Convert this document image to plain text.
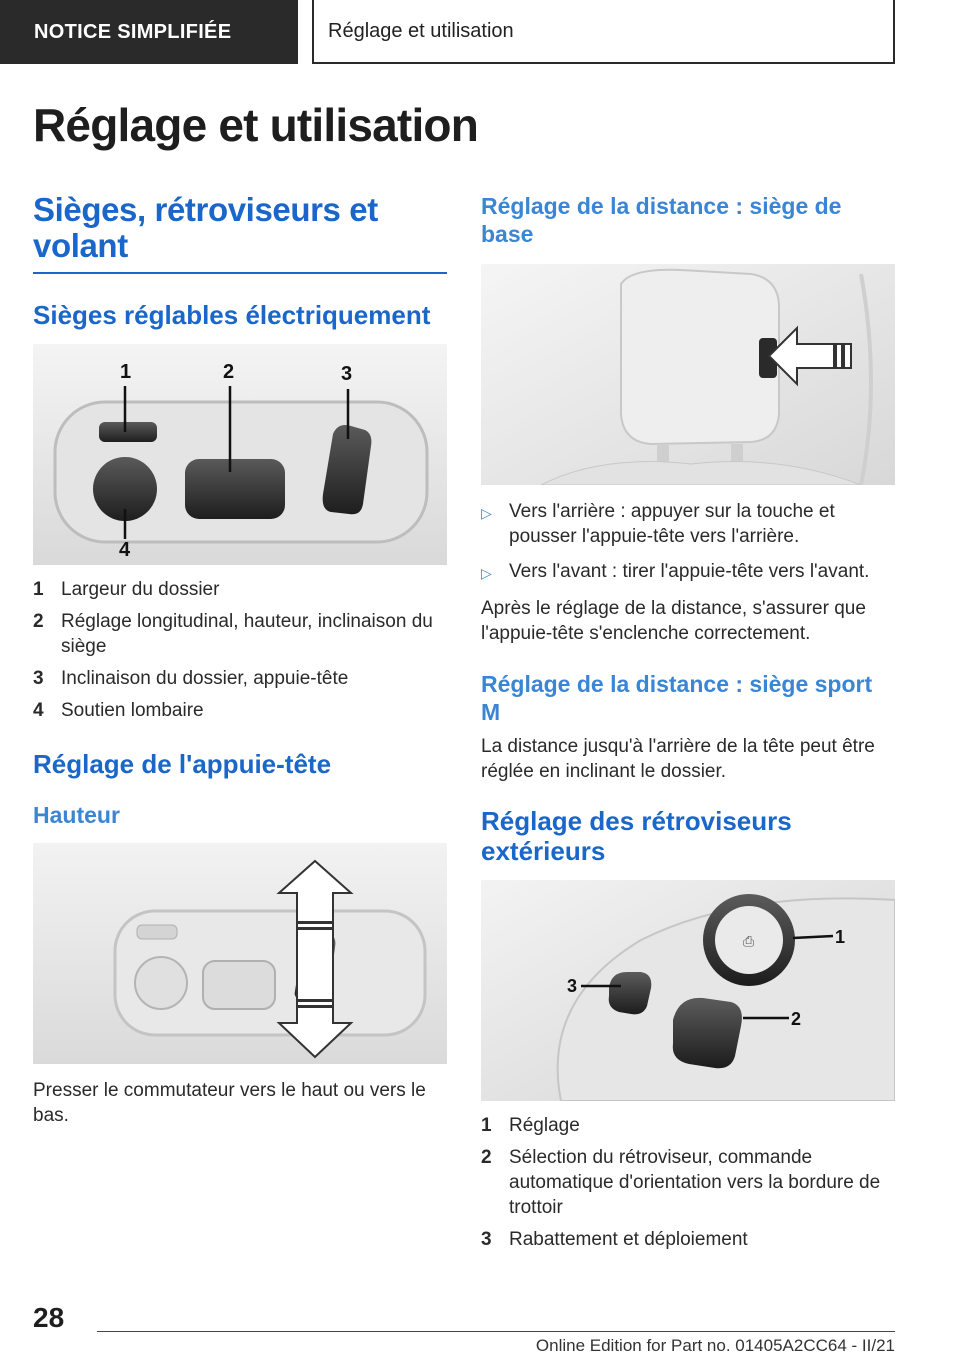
NOTICE SIMPLIFIÉE	Réglage et utilisation
Réglage et utilisation
Sièges, rétroviseurs et volant
Sièges réglables électriquement
1	2	3
4
1 Largeur du dossier
2 Réglage longitudinal, hauteur, inclinaison du siège
3 Inclinaison du dossier, appuie-tête
4 Soutien lombaire
Réglage de l'appuie-tête
Hauteur

Presser le commutateur vers le haut ou vers le bas.

Réglage de la distance : siège de base
▷ Vers l'arrière : appuyer sur la touche et pousser l'appuie-tête vers l'arrière.
▷ Vers l'avant : tirer l'appuie-tête vers l'avant.

Après le réglage de la distance, s'assurer que l'appuie-tête s'enclenche correctement.

Réglage de la distance : siège sport M

La distance jusqu'à l'arrière de la tête peut être réglée en inclinant le dossier.

Réglage des rétroviseurs extérieurs
⎙	1
2
3
1 Réglage
2 Sélection du rétroviseur, commande automatique d'orientation vers la bordure de trottoir
3 Rabattement et déploiement
28
Online Edition for Part no. 01405A2CC64 - II/21
